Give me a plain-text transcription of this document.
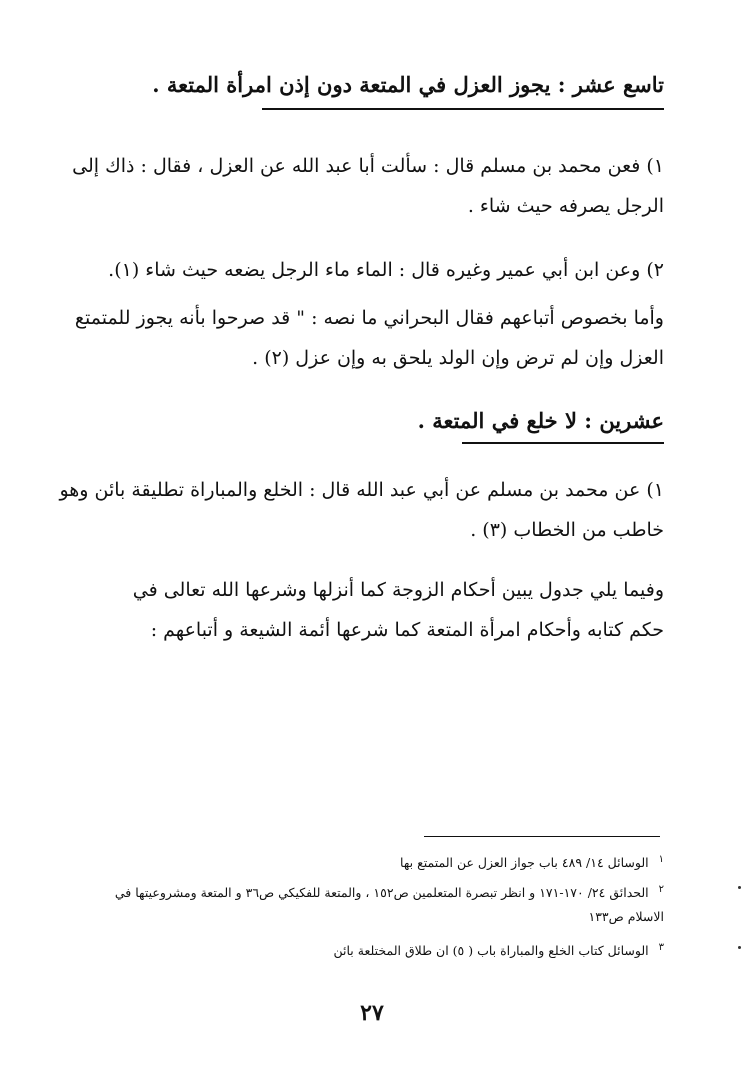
تاسع عشر : يجوز العزل في المتعة دون إذن امرأة المتعة .
١) فعن محمد بن مسلم قال : سألت أبا عبد الله عن العزل ، فقال : ذاك إلى
الرجل يصرفه حيث شاء .
٢) وعن ابن أبي عمير وغيره قال : الماء ماء الرجل يضعه حيث شاء (١).
وأما بخصوص أتباعهم فقال البحراني ما نصه : " قد صرحوا بأنه يجوز للمتمتع
العزل وإن لم ترض وإن الولد يلحق به وإن عزل (٢) .
عشرين : لا خلع في المتعة .
١) عن محمد بن مسلم عن أبي عبد الله قال : الخلع والمباراة تطليقة بائن وهو
خاطب من الخطاب (٣) .
وفيما يلي جدول يبين أحكام الزوجة كما أنزلها وشرعها الله تعالى في
حكم كتابه وأحكام امرأة المتعة كما شرعها أئمة الشيعة و أتباعهم :
$^١$الوسائل ١٤/ ٤٨٩ باب جواز العزل عن المتمتع بها
$^٢$الحدائق ٢٤/ ١٧٠-١٧١ و انظر تبصرة المتعلمين ص١٥٢ ، والمتعة للفكيكي ص٣٦ و المتعة ومشروعيتها في
الاسلام ص١٣٣
$^٣$الوسائل كتاب الخلع والمباراة باب ( ٥) ان طلاق المختلعة بائن
٢٧
